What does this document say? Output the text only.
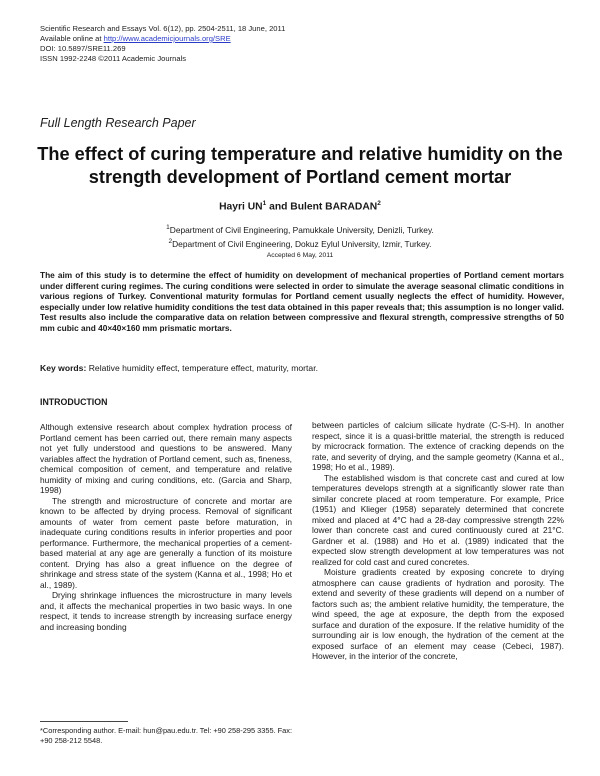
Scientific Research and Essays Vol. 6(12), pp. 2504-2511, 18 June, 2011
Available online at http://www.academicjournals.org/SRE
DOI: 10.5897/SRE11.269
ISSN 1992-2248 ©2011 Academic Journals
Full Length Research Paper
The effect of curing temperature and relative humidity on the strength development of Portland cement mortar
Hayri $UN^1$ and Bulent BARADAN$^2$
$^1$Department of Civil Engineering, Pamukkale University, Denizli, Turkey.
$^2$Department of Civil Engineering, Dokuz Eylul University, Izmir, Turkey.
Accepted 6 May, 2011
The aim of this study is to determine the effect of humidity on development of mechanical properties of Portland cement mortars under different curing regimes. The curing conditions were selected in order to simulate the average seasonal climatic conditions in various regions of Turkey. Conventional maturity formulas for Portland cement usually neglects the effect of humidity. However, especially under low relative humidity conditions the test data obtained in this paper reveals that; this assumption is no longer valid. Test results also include the comparative data on relation between compressive and flexural strength, compressive strengths of 50 mm cubic and 40×40×160 mm prismatic mortars.
Key words: Relative humidity effect, temperature effect, maturity, mortar.
INTRODUCTION

Although extensive research about complex hydration process of Portland cement has been carried out, there remain many aspects not yet fully understood and questions to be answered. Many variables affect the hydration of Portland cement, such as, fineness, chemical composition of cement, and temperature and relative humidity of mixing and curing conditions, etc. (Garcia and Sharp, 1998)

The strength and microstructure of concrete and mortar are known to be affected by drying process. Removal of significant amounts of water from cement paste before maturation, in inadequate curing conditions results in inferior properties and poor performance. Furthermore, the mechanical properties of a cement-based material at any age are generally a function of its moisture content. Drying has also a great influence on the degree of shrinkage and stress state of the system (Kanna et al., 1998; Ho et al., 1989).

Drying shrinkage influences the microstructure in many levels and, it affects the mechanical properties in two basic ways. In one respect, it tends to increase strength by increasing surface energy and increasing bonding

between particles of calcium silicate hydrate (C-S-H). In another respect, since it is a quasi-brittle material, the strength is reduced by microcrack formation. The extence of cracking depends on the rate, and severity of drying, and the sample geometry (Kanna et al., 1998; Ho et al., 1989).

The established wisdom is that concrete cast and cured at low temperatures develops strength at a significantly slower rate than similar concrete placed at room temperature. For example, Price (1951) and Klieger (1958) separately determined that concrete mixed and placed at 4°C had a 28-day compressive strength 22% lower than concrete cast and cured continuously cured at 21°C. Gardner et al. (1988) and Ho et al. (1989) indicated that the expected slow strength development at low temperatures was not realized for cold cast and cured concretes.

Moisture gradients created by exposing concrete to drying atmosphere can cause gradients of hydration and porosity. The extend and severity of these gradients will depend on a number of factors such as; the ambient relative humidity, the temperature, the wind speed, the age at exposure, the depth from the exposed surface and duration of the exposure. If the relative humidity of the surrounding air is low enough, the hydration of the cement at the exposed surface of an element may cease (Cebeci, 1987). However, in the interior of the concrete,

*Corresponding author. E-mail: hun@pau.edu.tr. Tel: +90 258-295 3355. Fax: +90 258-212 5548.
